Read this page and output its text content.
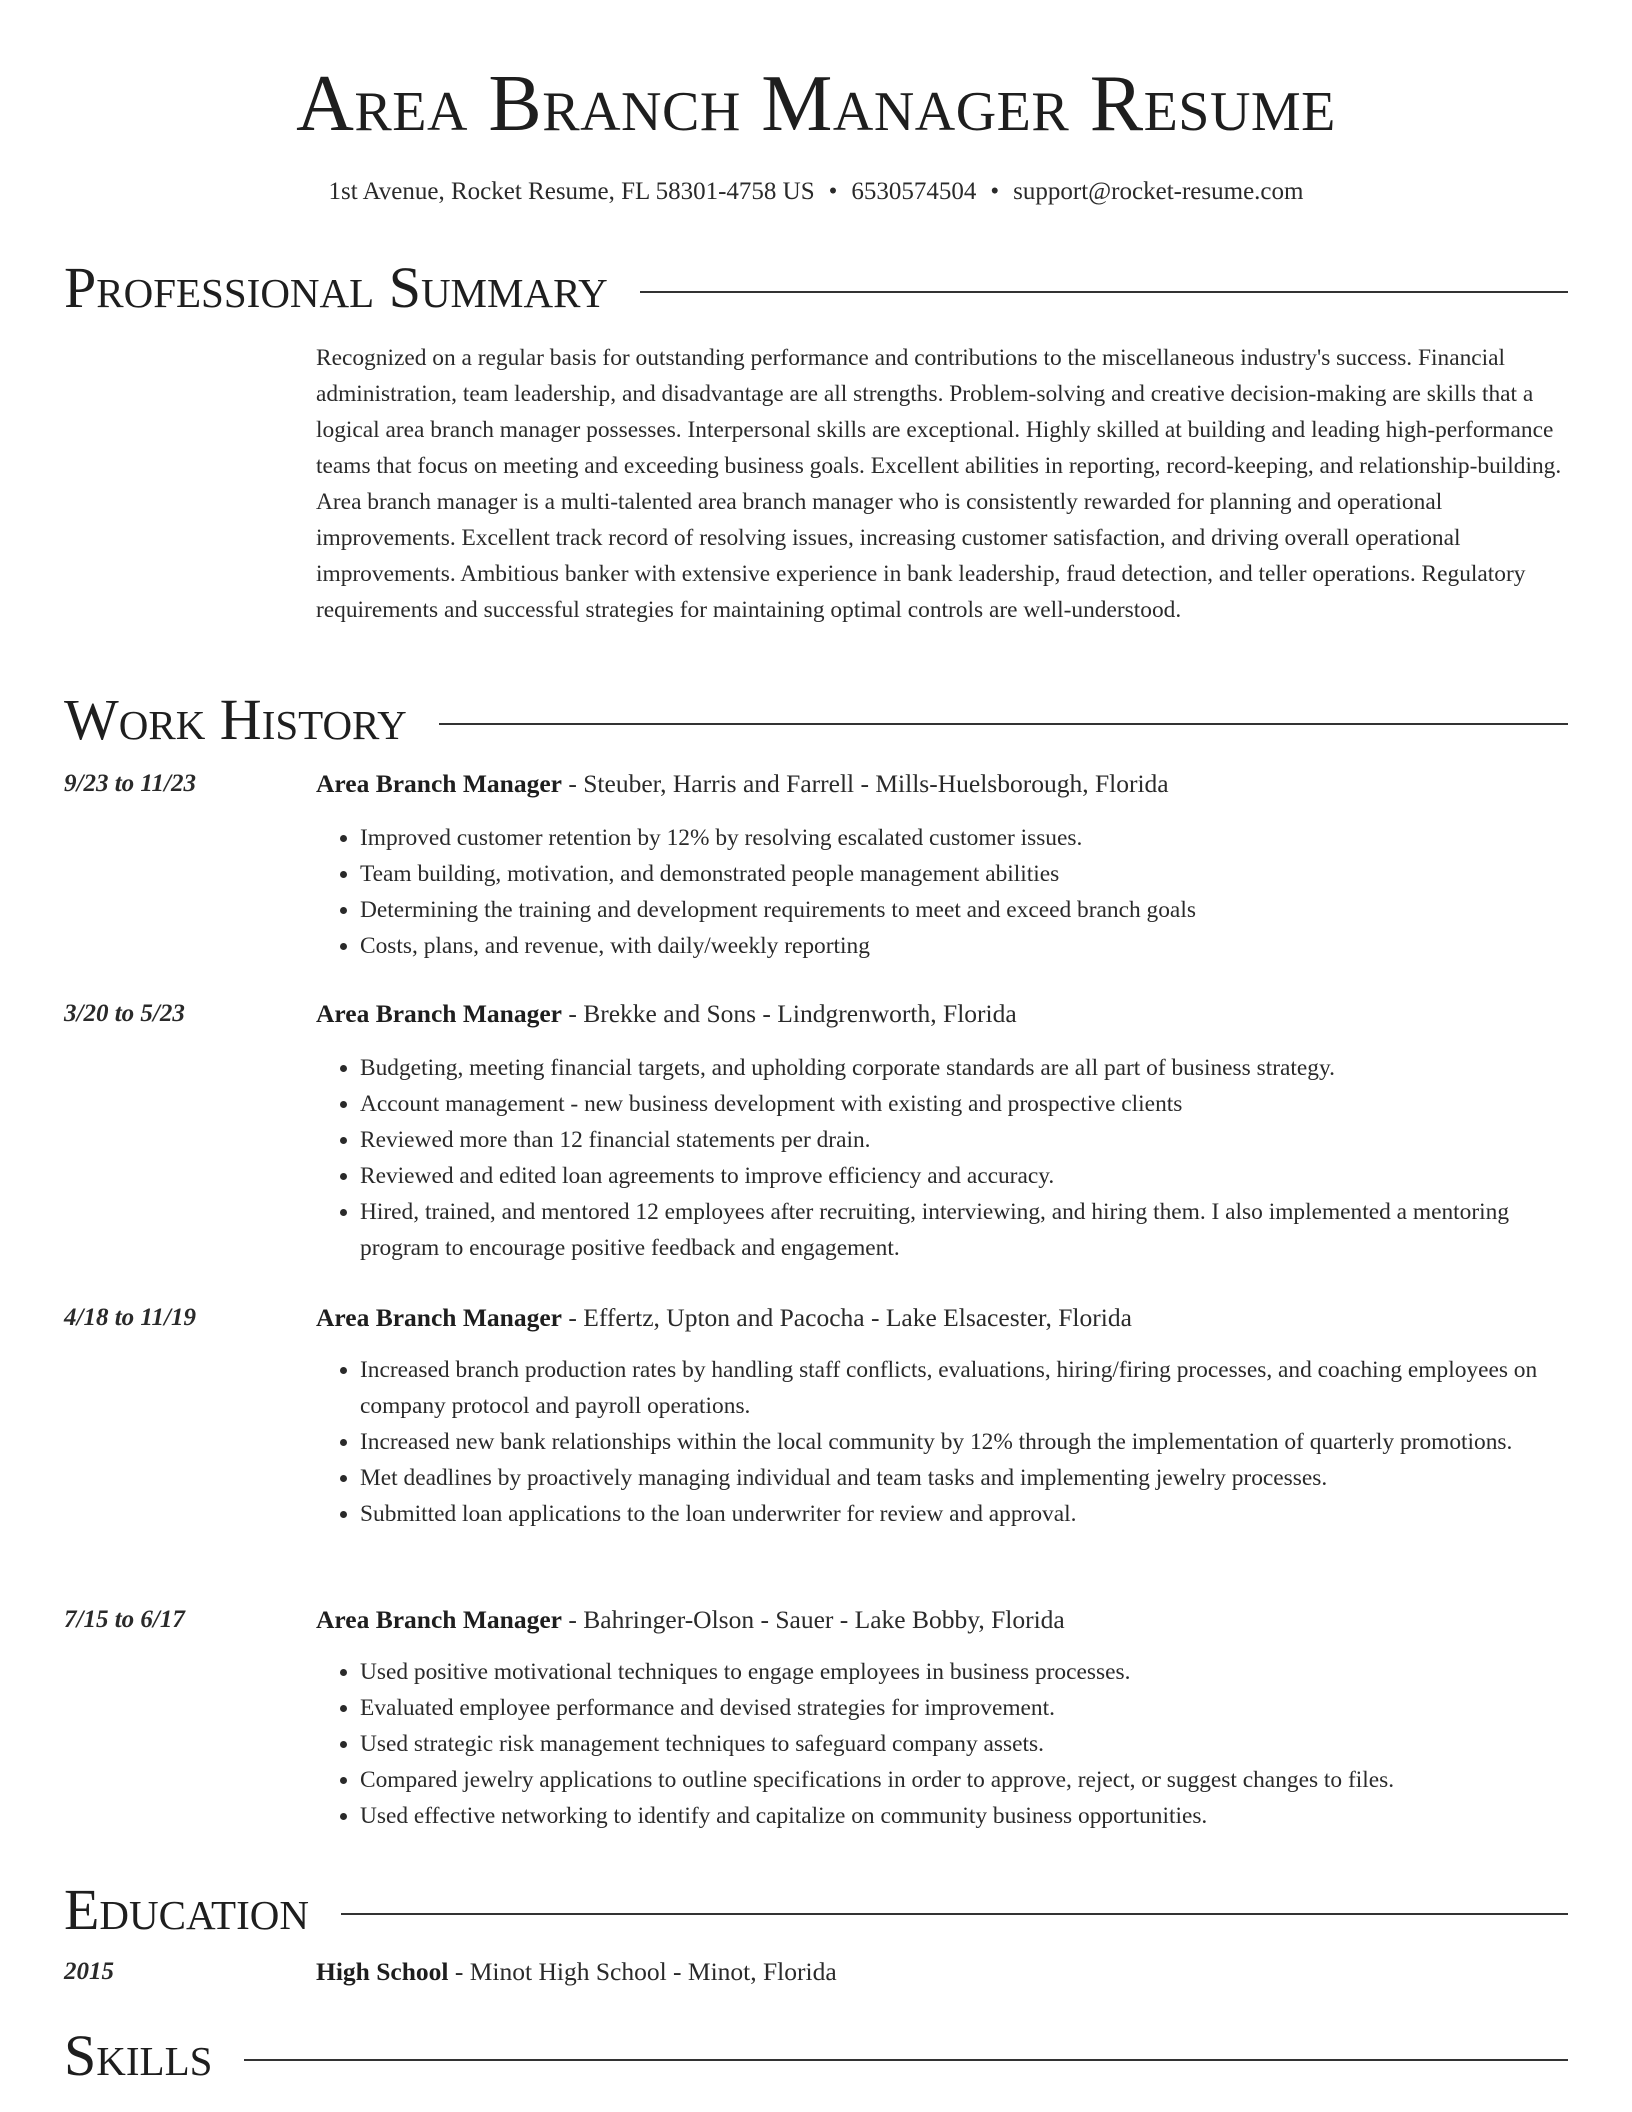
Area Branch Manager Resume
1st Avenue, Rocket Resume, FL 58301-4758 US • 6530574504 • support@rocket-resume.com
Professional Summary

Recognized on a regular basis for outstanding performance and contributions to the miscellaneous industry's success. Financial administration, team leadership, and disadvantage are all strengths. Problem-solving and creative decision-making are skills that a logical area branch manager possesses. Interpersonal skills are exceptional. Highly skilled at building and leading high-performance teams that focus on meeting and exceeding business goals. Excellent abilities in reporting, record-keeping, and relationship-building. Area branch manager is a multi-talented area branch manager who is consistently rewarded for planning and operational improvements. Excellent track record of resolving issues, increasing customer satisfaction, and driving overall operational improvements. Ambitious banker with extensive experience in bank leadership, fraud detection, and teller operations. Regulatory requirements and successful strategies for maintaining optimal controls are well-understood.

Work History
9/23 to 11/23	Area Branch Manager - Steuber, Harris and Farrell - Mills-Huelsborough, Florida
• Improved customer retention by 12% by resolving escalated customer issues.
• Team building, motivation, and demonstrated people management abilities
• Determining the training and development requirements to meet and exceed branch goals
• Costs, plans, and revenue, with daily/weekly reporting
3/20 to 5/23	Area Branch Manager - Brekke and Sons - Lindgrenworth, Florida
• Budgeting, meeting financial targets, and upholding corporate standards are all part of business strategy.
• Account management - new business development with existing and prospective clients
• Reviewed more than 12 financial statements per drain.
• Reviewed and edited loan agreements to improve efficiency and accuracy.
• Hired, trained, and mentored 12 employees after recruiting, interviewing, and hiring them. I also implemented a mentoring program to encourage positive feedback and engagement.
4/18 to 11/19	Area Branch Manager - Effertz, Upton and Pacocha - Lake Elsacester, Florida
• Increased branch production rates by handling staff conflicts, evaluations, hiring/firing processes, and coaching employees on company protocol and payroll operations.
• Increased new bank relationships within the local community by 12% through the implementation of quarterly promotions.
• Met deadlines by proactively managing individual and team tasks and implementing jewelry processes.
• Submitted loan applications to the loan underwriter for review and approval.
7/15 to 6/17	Area Branch Manager - Bahringer-Olson - Sauer - Lake Bobby, Florida
• Used positive motivational techniques to engage employees in business processes.
• Evaluated employee performance and devised strategies for improvement.
• Used strategic risk management techniques to safeguard company assets.
• Compared jewelry applications to outline specifications in order to approve, reject, or suggest changes to files.
• Used effective networking to identify and capitalize on community business opportunities.
Education
2015	High School - Minot High School - Minot, Florida
Skills
